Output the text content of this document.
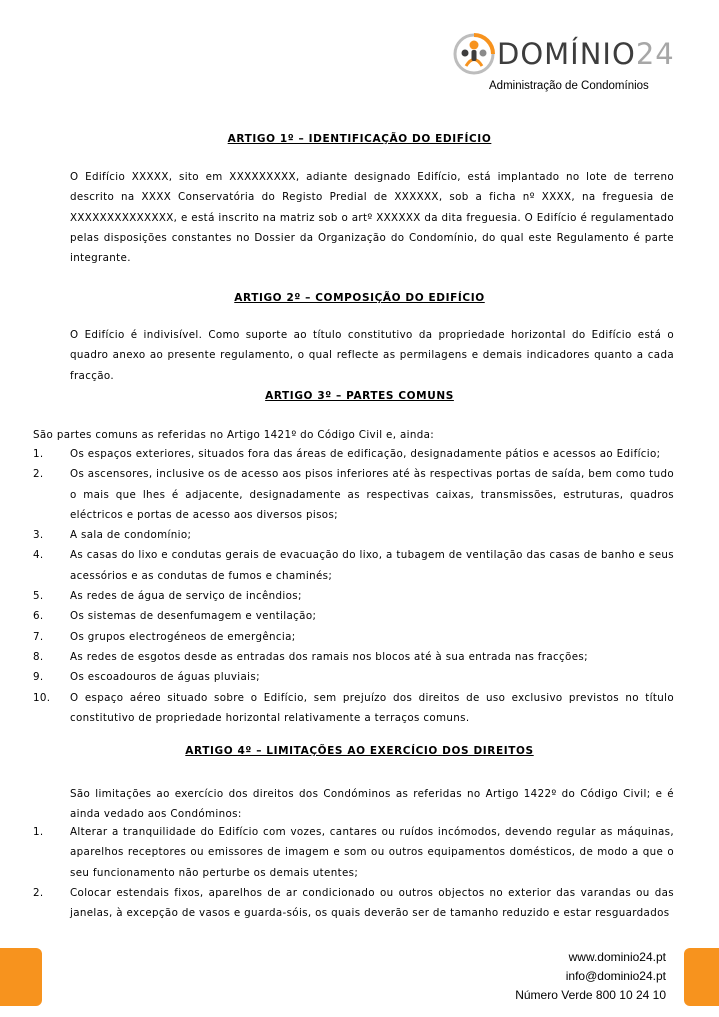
DOMÍNIO24
Administração de Condomínios
ARTIGO 1º – IDENTIFICAÇÃO DO EDIFÍCIO
O Edifício XXXXX, sito em XXXXXXXXX, adiante designado Edifício, está implantado no lote de terreno descrito na XXXX Conservatória do Registo Predial de XXXXXX, sob a ficha nº XXXX, na freguesia de XXXXXXXXXXXXXX, e está inscrito na matriz sob o artº XXXXXX da dita freguesia. O Edifício é regulamentado pelas disposições constantes no Dossier da Organização do Condomínio, do qual este Regulamento é parte integrante.
ARTIGO 2º – COMPOSIÇÃO DO EDIFÍCIO
O Edifício é indivisível. Como suporte ao título constitutivo da propriedade horizontal do Edifício está o quadro anexo ao presente regulamento, o qual reflecte as permilagens e demais indicadores quanto a cada fracção.
ARTIGO 3º – PARTES COMUNS
São partes comuns as referidas no Artigo 1421º do Código Civil e, ainda:
1.	Os espaços exteriores, situados fora das áreas de edificação, designadamente pátios e acessos ao Edifício;
2.	Os ascensores, inclusive os de acesso aos pisos inferiores até às respectivas portas de saída, bem como tudo o mais que lhes é adjacente, designadamente as respectivas caixas, transmissões, estruturas, quadros eléctricos e portas de acesso aos diversos pisos;
3.	A sala de condomínio;
4.	As casas do lixo e condutas gerais de evacuação do lixo, a tubagem de ventilação das casas de banho e seus acessórios e as condutas de fumos e chaminés;
5.	As redes de água de serviço de incêndios;
6.	Os sistemas de desenfumagem e ventilação;
7.	Os grupos electrogéneos de emergência;
8.	As redes de esgotos desde as entradas dos ramais nos blocos até à sua entrada nas fracções;
9.	Os escoadouros de águas pluviais;
10.	O espaço aéreo situado sobre o Edifício, sem prejuízo dos direitos de uso exclusivo previstos no título constitutivo de propriedade horizontal relativamente a terraços comuns.
ARTIGO 4º – LIMITAÇÕES AO EXERCÍCIO DOS DIREITOS
São limitações ao exercício dos direitos dos Condóminos as referidas no Artigo 1422º do Código Civil; e é ainda vedado aos Condóminos:
1.	Alterar a tranquilidade do Edifício com vozes, cantares ou ruídos incómodos, devendo regular as máquinas, aparelhos receptores ou emissores de imagem e som ou outros equipamentos domésticos, de modo a que o seu funcionamento não perturbe os demais utentes;
2.	Colocar estendais fixos, aparelhos de ar condicionado ou outros objectos no exterior das varandas ou das janelas, à excepção de vasos e guarda-sóis, os quais deverão ser de tamanho reduzido e estar resguardados
www.dominio24.pt
info@dominio24.pt
Número Verde 800 10 24 10
